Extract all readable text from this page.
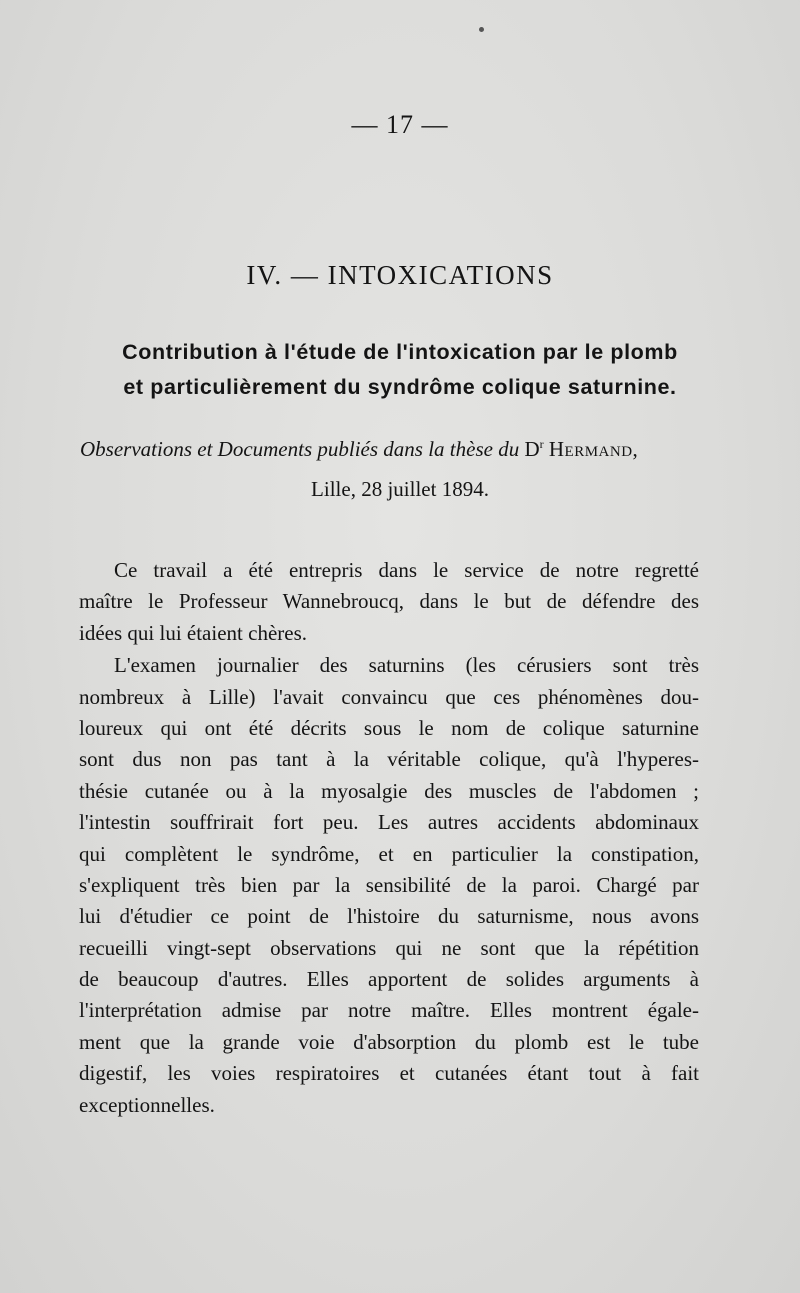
— 17 —
IV. — INTOXICATIONS
Contribution à l'étude de l'intoxication par le plomb
et particulièrement du syndrôme colique saturnine.
Observations et Documents publiés dans la thèse du $D^r$ Hermand,
Lille, 28 juillet 1894.
Ce travail a été entrepris dans le service de notre regretté
maître le Professeur Wannebroucq, dans le but de défendre des
idées qui lui étaient chères.
L'examen journalier des saturnins (les cérusiers sont très
nombreux à Lille) l'avait convaincu que ces phénomènes dou-
loureux qui ont été décrits sous le nom de colique saturnine
sont dus non pas tant à la véritable colique, qu'à l'hyperes-
thésie cutanée ou à la myosalgie des muscles de l'abdomen ;
l'intestin souffrirait fort peu. Les autres accidents abdominaux
qui complètent le syndrôme, et en particulier la constipation,
s'expliquent très bien par la sensibilité de la paroi. Chargé par
lui d'étudier ce point de l'histoire du saturnisme, nous avons
recueilli vingt-sept observations qui ne sont que la répétition
de beaucoup d'autres. Elles apportent de solides arguments à
l'interprétation admise par notre maître. Elles montrent égale-
ment que la grande voie d'absorption du plomb est le tube
digestif, les voies respiratoires et cutanées étant tout à fait
exceptionnelles.
